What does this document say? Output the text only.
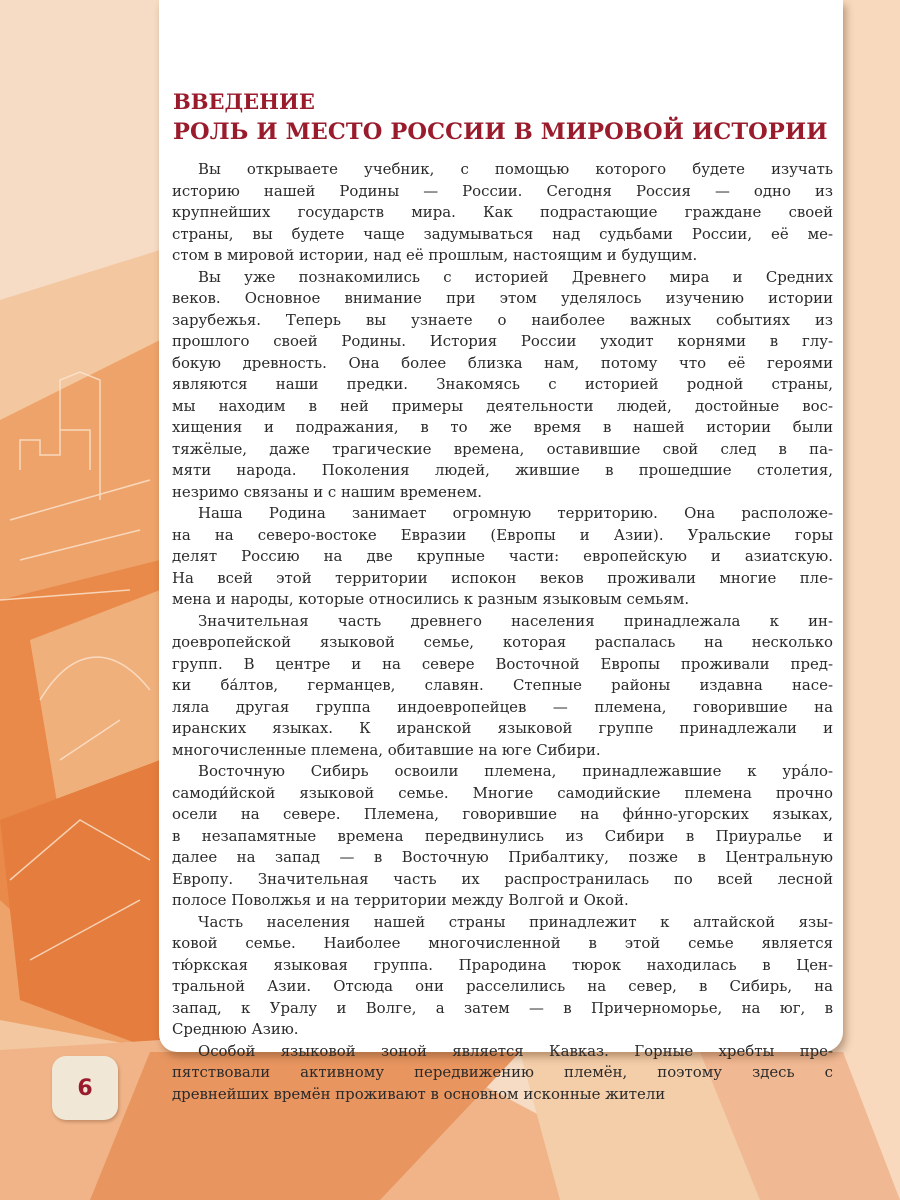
ВВЕДЕНИЕ
РОЛЬ И МЕСТО РОССИИ В МИРОВОЙ ИСТОРИИ

Вы открываете учебник, с помощью которого будете изучать
историю нашей Родины — России. Сегодня Россия — одно из
крупнейших государств мира. Как подрастающие граждане своей
страны, вы будете чаще задумываться над судьбами России, её ме-
стом в мировой истории, над её прошлым, настоящим и будущим.

Вы уже познакомились с историей Древнего мира и Средних
веков. Основное внимание при этом уделялось изучению истории
зарубежья. Теперь вы узнаете о наиболее важных событиях из
прошлого своей Родины. История России уходит корнями в глу-
бокую древность. Она более близка нам, потому что её героями
являются наши предки. Знакомясь с историей родной страны,
мы находим в ней примеры деятельности людей, достойные вос-
хищения и подражания, в то же время в нашей истории были
тяжёлые, даже трагические времена, оставившие свой след в па-
мяти народа. Поколения людей, жившие в прошедшие столетия,
незримо связаны и с нашим временем.

Наша Родина занимает огромную территорию. Она расположе-
на на северо-востоке Евразии (Европы и Азии). Уральские горы
делят Россию на две крупные части: европейскую и азиатскую.
На всей этой территории испокон веков проживали многие пле-
мена и народы, которые относились к разным языковым семьям.

Значительная часть древнего населения принадлежала к ин-
доевропейской языковой семье, которая распалась на несколько
групп. В центре и на севере Восточной Европы проживали пред-
ки ба́лтов, германцев, славян. Степные районы издавна насе-
ляла другая группа индоевропейцев — племена, говорившие на
иранских языках. К иранской языковой группе принадлежали и
многочисленные племена, обитавшие на юге Сибири.

Восточную Сибирь освоили племена, принадлежавшие к ура́ло-
самоди́йской языковой семье. Многие самодийские племена прочно
осели на севере. Племена, говорившие на фи́нно-угорских языках,
в незапамятные времена передвинулись из Сибири в Приуралье и
далее на запад — в Восточную Прибалтику, позже в Центральную
Европу. Значительная часть их распространилась по всей лесной
полосе Поволжья и на территории между Волгой и Окой.

Часть населения нашей страны принадлежит к алтайской язы-
ковой семье. Наиболее многочисленной в этой семье является
тю́ркская языковая группа. Прародина тюрок находилась в Цен-
тральной Азии. Отсюда они расселились на север, в Сибирь, на
запад, к Уралу и Волге, а затем — в Причерноморье, на юг, в
Среднюю Азию.

Особой языковой зоной является Кавказ. Горные хребты пре-
пятствовали активному передвижению племён, поэтому здесь с
древнейших времён проживают в основном исконные жители

6
